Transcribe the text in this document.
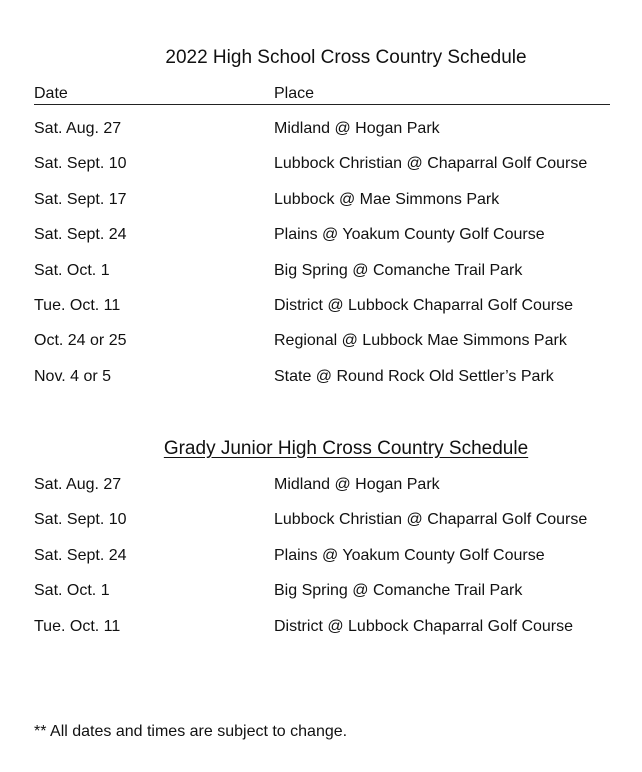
2022 High School Cross Country Schedule
Date	Place
Sat. Aug. 27	Midland @ Hogan Park
Sat. Sept. 10	Lubbock Christian @ Chaparral Golf Course
Sat. Sept. 17	Lubbock @ Mae Simmons Park
Sat. Sept. 24	Plains @ Yoakum County Golf Course
Sat. Oct. 1	Big Spring @ Comanche Trail Park
Tue. Oct. 11	District @ Lubbock Chaparral Golf Course
Oct. 24 or 25	Regional @ Lubbock Mae Simmons Park
Nov. 4 or 5	State @ Round Rock Old Settler’s Park
Grady Junior High Cross Country Schedule
Sat. Aug. 27	Midland @ Hogan Park
Sat. Sept. 10	Lubbock Christian @ Chaparral Golf Course
Sat. Sept. 24	Plains @ Yoakum County Golf Course
Sat. Oct. 1	Big Spring @ Comanche Trail Park
Tue. Oct. 11	District @ Lubbock Chaparral Golf Course

** All dates and times are subject to change.
